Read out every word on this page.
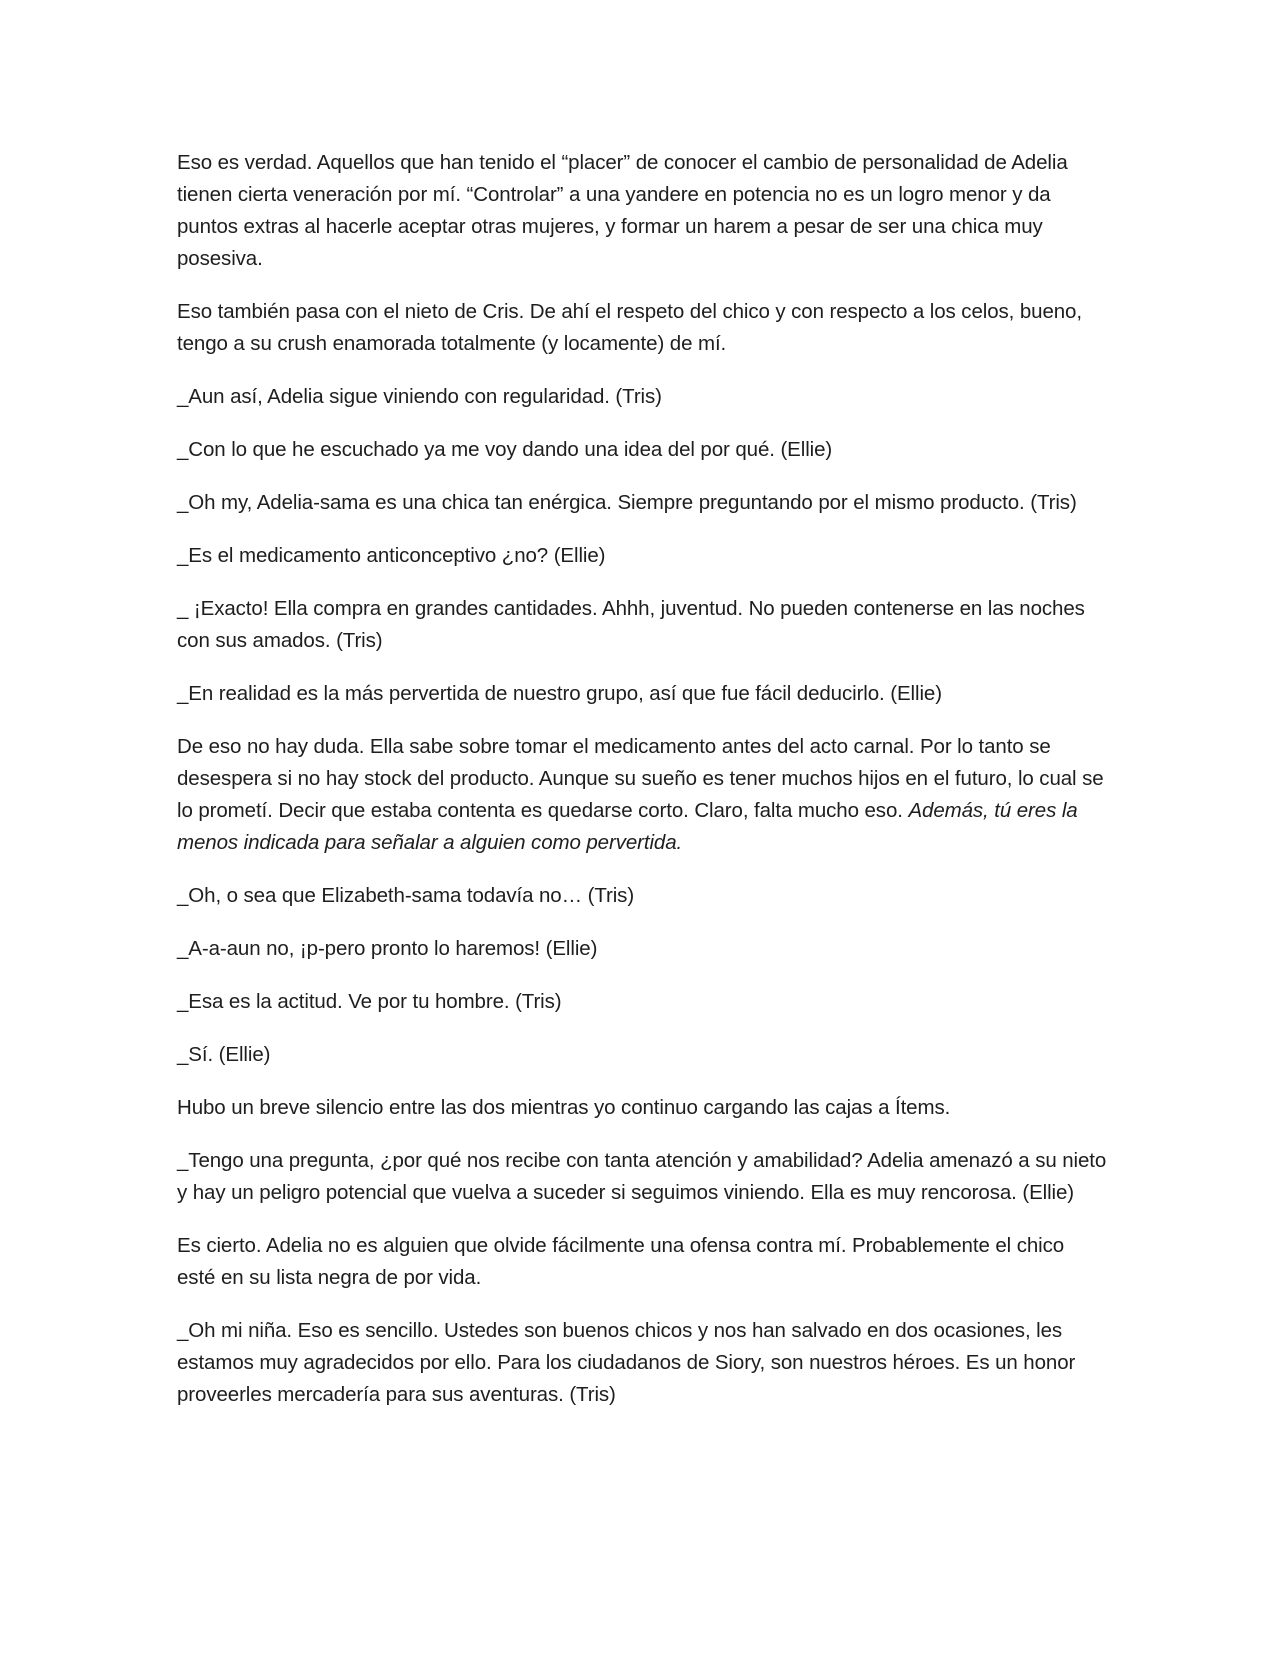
Eso es verdad. Aquellos que han tenido el “placer” de conocer el cambio de personalidad de Adelia tienen cierta veneración por mí. “Controlar” a una yandere en potencia no es un logro menor y da puntos extras al hacerle aceptar otras mujeres, y formar un harem a pesar de ser una chica muy posesiva.

Eso también pasa con el nieto de Cris. De ahí el respeto del chico y con respecto a los celos, bueno, tengo a su crush enamorada totalmente (y locamente) de mí.

_Aun así, Adelia sigue viniendo con regularidad. (Tris)

_Con lo que he escuchado ya me voy dando una idea del por qué. (Ellie)

_Oh my, Adelia-sama es una chica tan enérgica. Siempre preguntando por el mismo producto. (Tris)

_Es el medicamento anticonceptivo ¿no? (Ellie)

_ ¡Exacto! Ella compra en grandes cantidades. Ahhh, juventud. No pueden contenerse en las noches con sus amados. (Tris)

_En realidad es la más pervertida de nuestro grupo, así que fue fácil deducirlo. (Ellie)

De eso no hay duda. Ella sabe sobre tomar el medicamento antes del acto carnal. Por lo tanto se desespera si no hay stock del producto. Aunque su sueño es tener muchos hijos en el futuro, lo cual se lo prometí. Decir que estaba contenta es quedarse corto. Claro, falta mucho eso. Además, tú eres la menos indicada para señalar a alguien como pervertida.

_Oh, o sea que Elizabeth-sama todavía no… (Tris)

_A-a-aun no, ¡p-pero pronto lo haremos! (Ellie)

_Esa es la actitud. Ve por tu hombre. (Tris)

_Sí. (Ellie)

Hubo un breve silencio entre las dos mientras yo continuo cargando las cajas a Ítems.

_Tengo una pregunta, ¿por qué nos recibe con tanta atención y amabilidad? Adelia amenazó a su nieto y hay un peligro potencial que vuelva a suceder si seguimos viniendo. Ella es muy rencorosa. (Ellie)

Es cierto. Adelia no es alguien que olvide fácilmente una ofensa contra mí. Probablemente el chico esté en su lista negra de por vida.

_Oh mi niña. Eso es sencillo. Ustedes son buenos chicos y nos han salvado en dos ocasiones, les estamos muy agradecidos por ello. Para los ciudadanos de Siory, son nuestros héroes. Es un honor proveerles mercadería para sus aventuras. (Tris)
